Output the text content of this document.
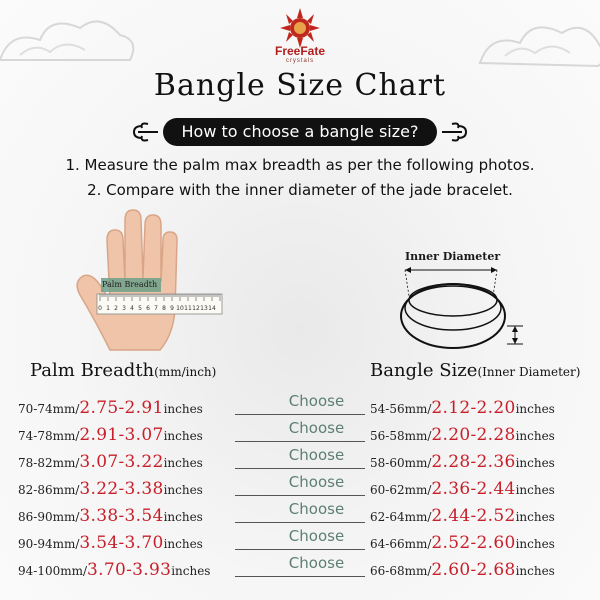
FreeFate
crystals
Bangle Size Chart
How to choose a bangle size?
1. Measure the palm max breadth as per the following photos.
2. Compare with the inner diameter of the jade bracelet.
0 1 2 3 4 5 6 7 8 9 10 11 12 13 14
Palm Breadth
Inner Diameter
Palm Breadth(mm/inch)	Bangle Size(Inner Diameter)
70-74mm/2.75-2.91inches	Choose	54-56mm/2.12-2.20inches
74-78mm/2.91-3.07inches	Choose	56-58mm/2.20-2.28inches
78-82mm/3.07-3.22inches	Choose	58-60mm/2.28-2.36inches
82-86mm/3.22-3.38inches	Choose	60-62mm/2.36-2.44inches
86-90mm/3.38-3.54inches	Choose	62-64mm/2.44-2.52inches
90-94mm/3.54-3.70inches	Choose	64-66mm/2.52-2.60inches
94-100mm/3.70-3.93inches	Choose	66-68mm/2.60-2.68inches
